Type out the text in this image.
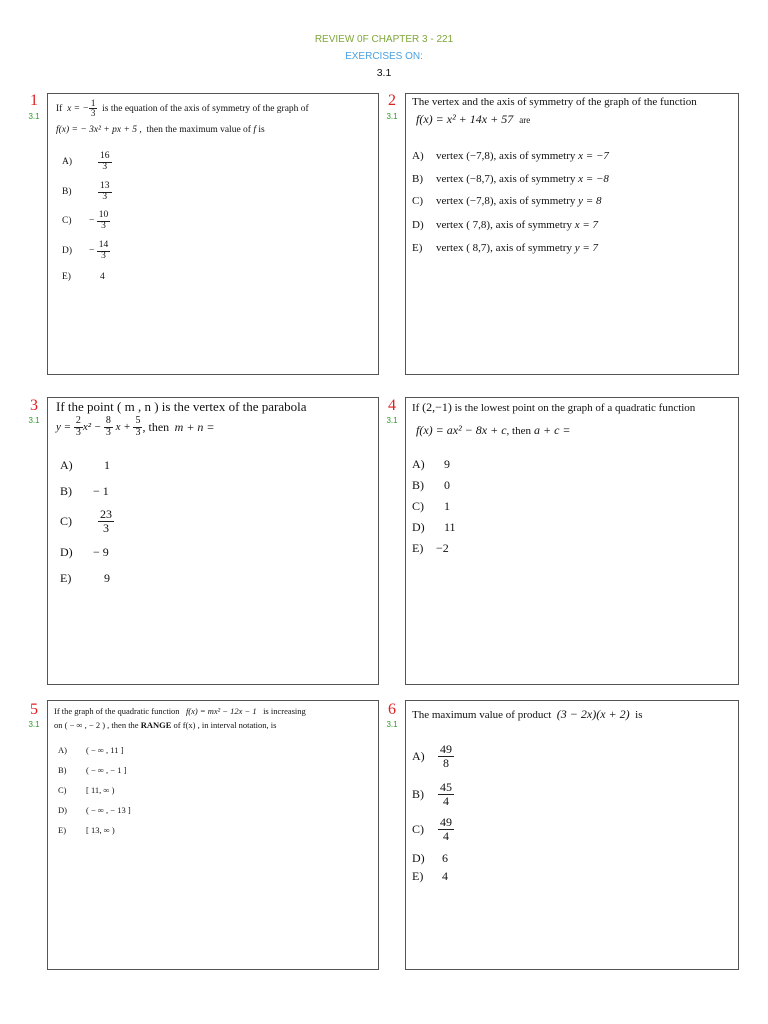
REVIEW 0F CHAPTER 3 - 221
EXERCISES ON:
3.1
1
3.1
If
x = − $\frac{1}{3}$
is the equation of the axis of symmetry of the graph of
f(x) = − 3x² + px + 5 , then the maximum value of f is
A)	$\frac{16}{3}$
B)	$\frac{13}{3}$
C)	−
$\frac{10}{3}$
D)	−
$\frac{14}{3}$
E)	4
2
3.1
The vertex and the axis of symmetry of the graph of the function
f(x) = x² + 14x + 57
are
A)	vertex
(−7,8) , axis of symmetry
x = −7
B)	vertex
(−8,7) , axis of symmetry
x = −8
C)	vertex
(−7,8) , axis of symmetry
y = 8
D)	vertex
( 7,8) , axis of symmetry
x = 7
E)	vertex
( 8,7) , axis of symmetry
y = 7
3
3.1
If the point ( m , n ) is the vertex of the parabola
y =
$\frac{2}{3} x^2$ −
$\frac{8}{3}$
x +
$\frac{5}{3}$ , then
m + n =
A)	1
B)	− 1
C)	$\frac{23}{3}$
D)	− 9
E)	9
4
3.1
If
(2,−1)
is the lowest point on the graph of a quadratic function
f(x) = ax² − 8x + c , then
a + c =
A)	9
B)	0
C)	1
D)	11
E)	−2
5
3.1
If the graph of the quadratic function f(x) = mx² − 12x − 1 is increasing
on ( − ∞ , − 2 ) , then the RANGE of f(x) , in interval notation, is
A)	( − ∞ , 11 ]
B)	( − ∞ , − 1 ]
C)	[ 11, ∞ )
D)	( − ∞ , − 13 ]
E)	[ 13, ∞ )
6
3.1
The maximum value of product
(3 − 2x)(x + 2)
is
A)	$\frac{49}{8}$
B)	$\frac{45}{4}$
C)	$\frac{49}{4}$
D)	6
E)	4
